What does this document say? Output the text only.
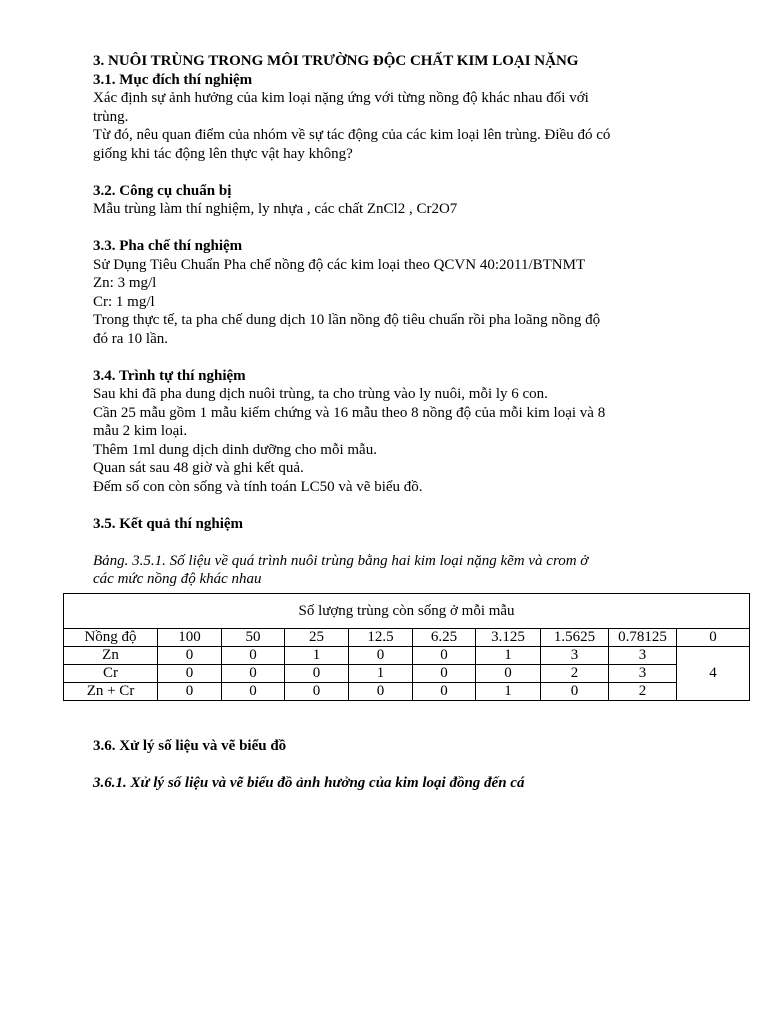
3. NUÔI TRÙNG TRONG MÔI TRƯỜNG ĐỘC CHẤT KIM LOẠI NẶNG
3.1. Mục đích thí nghiệm
Xác định sự ảnh hưởng của kim loại nặng ứng với từng nồng độ khác nhau đối với
trùng.
Từ đó, nêu quan điểm của nhóm về sự tác động của các kim loại lên trùng. Điều đó có
giống khi tác động lên thực vật hay không?
3.2. Công cụ chuẩn bị
Mẫu trùng làm thí nghiệm, ly nhựa , các chất ZnCl2 , Cr2O7
3.3. Pha chế thí nghiệm
Sử Dụng Tiêu Chuẩn Pha chế nồng độ các kim loại theo QCVN 40:2011/BTNMT
Zn: 3 mg/l
Cr: 1 mg/l
Trong thực tế, ta pha chế dung dịch 10 lần nồng độ tiêu chuẩn rồi pha loãng nồng độ
đó ra 10 lần.
3.4. Trình tự thí nghiệm
Sau khi đã pha dung dịch nuôi trùng, ta cho trùng vào ly nuôi, mỗi ly 6 con.
Cần 25 mẫu gồm 1 mẫu kiểm chứng và 16 mẫu theo 8 nồng độ của mỗi kim loại và 8
mẫu 2 kim loại.
Thêm 1ml dung dịch dinh dưỡng cho mỗi mẫu.
Quan sát sau 48 giờ và ghi kết quả.
Đếm số con còn sống và tính toán LC50 và vẽ biểu đồ.
3.5. Kết quả thí nghiệm
Bảng. 3.5.1. Số liệu về quá trình nuôi trùng bằng hai kim loại nặng kẽm và crom ở
các mức nồng độ khác nhau
Số lượng trùng còn sống ở mỗi mẫu									
Nồng độ	100	50	25	12.5	6.25	3.125	1.5625	0.78125	0
Zn	0	0	1	0	0	1	3	3	4
Cr	0	0	0	1	0	0	2	3	
Zn + Cr	0	0	0	0	0	1	0	2	
3.6. Xử lý số liệu và vẽ biểu đồ
3.6.1. Xử lý số liệu và vẽ biểu đồ ảnh hưởng của kim loại đồng đến cá
